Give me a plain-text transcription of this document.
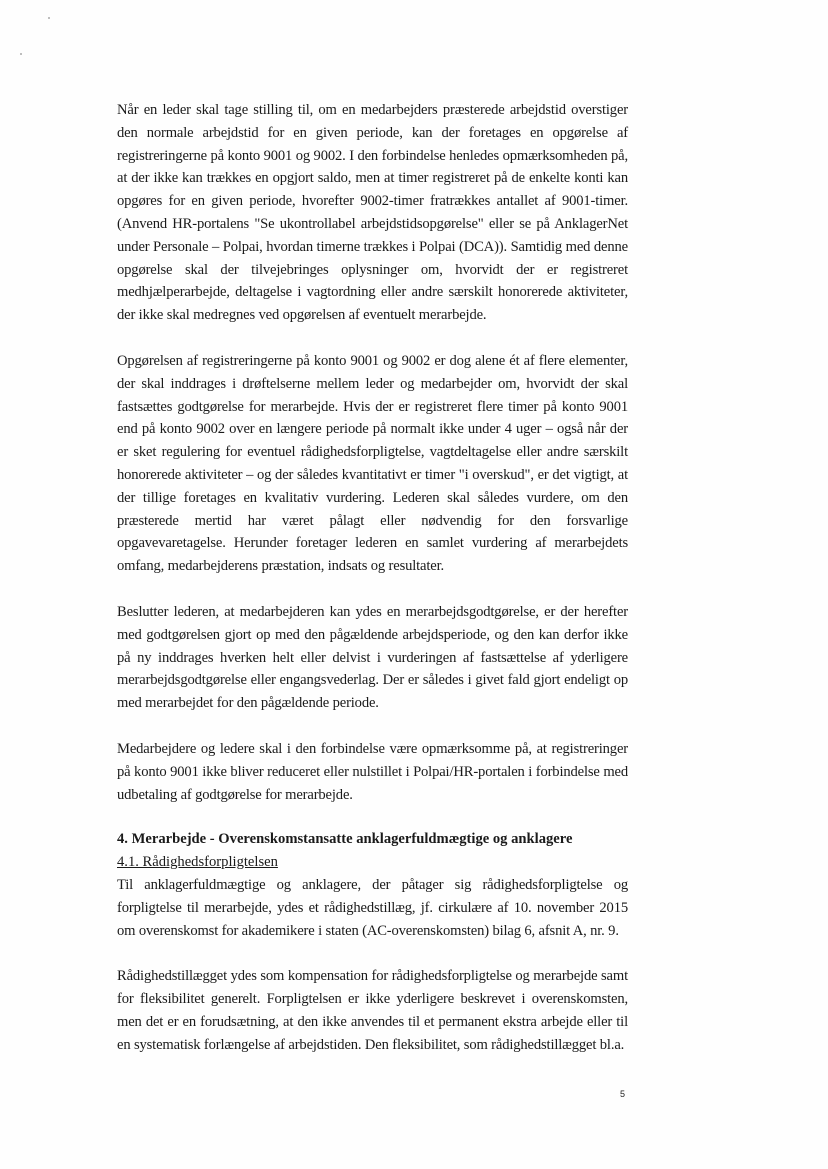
Når en leder skal tage stilling til, om en medarbejders præsterede arbejdstid overstiger den normale arbejdstid for en given periode, kan der foretages en opgørelse af registreringerne på konto 9001 og 9002. I den forbindelse henledes opmærksomheden på, at der ikke kan trækkes en opgjort saldo, men at timer registreret på de enkelte konti kan opgøres for en given periode, hvorefter 9002-timer fratrækkes antallet af 9001-timer. (Anvend HR-portalens "Se ukontrollabel arbejdstidsopgørelse" eller se på AnklagerNet under Personale – Polpai, hvordan timerne trækkes i Polpai (DCA)). Samtidig med denne opgørelse skal der tilvejebringes oplysninger om, hvorvidt der er registreret medhjælperarbejde, deltagelse i vagtordning eller andre særskilt honorerede aktiviteter, der ikke skal medregnes ved opgørelsen af eventuelt merarbejde.

Opgørelsen af registreringerne på konto 9001 og 9002 er dog alene ét af flere elementer, der skal inddrages i drøftelserne mellem leder og medarbejder om, hvorvidt der skal fastsættes godtgørelse for merarbejde. Hvis der er registreret flere timer på konto 9001 end på konto 9002 over en længere periode på normalt ikke under 4 uger – også når der er sket regulering for eventuel rådighedsforpligtelse, vagtdeltagelse eller andre særskilt honorerede aktiviteter – og der således kvantitativt er timer "i overskud", er det vigtigt, at der tillige foretages en kvalitativ vurdering. Lederen skal således vurdere, om den præsterede mertid har været pålagt eller nødvendig for den forsvarlige opgavevaretagelse. Herunder foretager lederen en samlet vurdering af merarbejdets omfang, medarbejderens præstation, indsats og resultater.

Beslutter lederen, at medarbejderen kan ydes en merarbejdsgodtgørelse, er der herefter med godtgørelsen gjort op med den pågældende arbejdsperiode, og den kan derfor ikke på ny inddrages hverken helt eller delvist i vurderingen af fastsættelse af yderligere merarbejdsgodtgørelse eller engangsvederlag. Der er således i givet fald gjort endeligt op med merarbejdet for den pågældende periode.

Medarbejdere og ledere skal i den forbindelse være opmærksomme på, at registreringer på konto 9001 ikke bliver reduceret eller nulstillet i Polpai/HR-portalen i forbindelse med udbetaling af godtgørelse for merarbejde.

4. Merarbejde - Overenskomstansatte anklagerfuldmægtige og anklagere

4.1. Rådighedsforpligtelsen

Til anklagerfuldmægtige og anklagere, der påtager sig rådighedsforpligtelse og forpligtelse til merarbejde, ydes et rådighedstillæg, jf. cirkulære af 10. november 2015 om overenskomst for akademikere i staten (AC-overenskomsten) bilag 6, afsnit A, nr. 9.

Rådighedstillægget ydes som kompensation for rådighedsforpligtelse og merarbejde samt for fleksibilitet generelt. Forpligtelsen er ikke yderligere beskrevet i overenskomsten, men det er en forudsætning, at den ikke anvendes til et permanent ekstra arbejde eller til en systematisk forlængelse af arbejdstiden. Den fleksibilitet, som rådighedstillægget bl.a.

5
